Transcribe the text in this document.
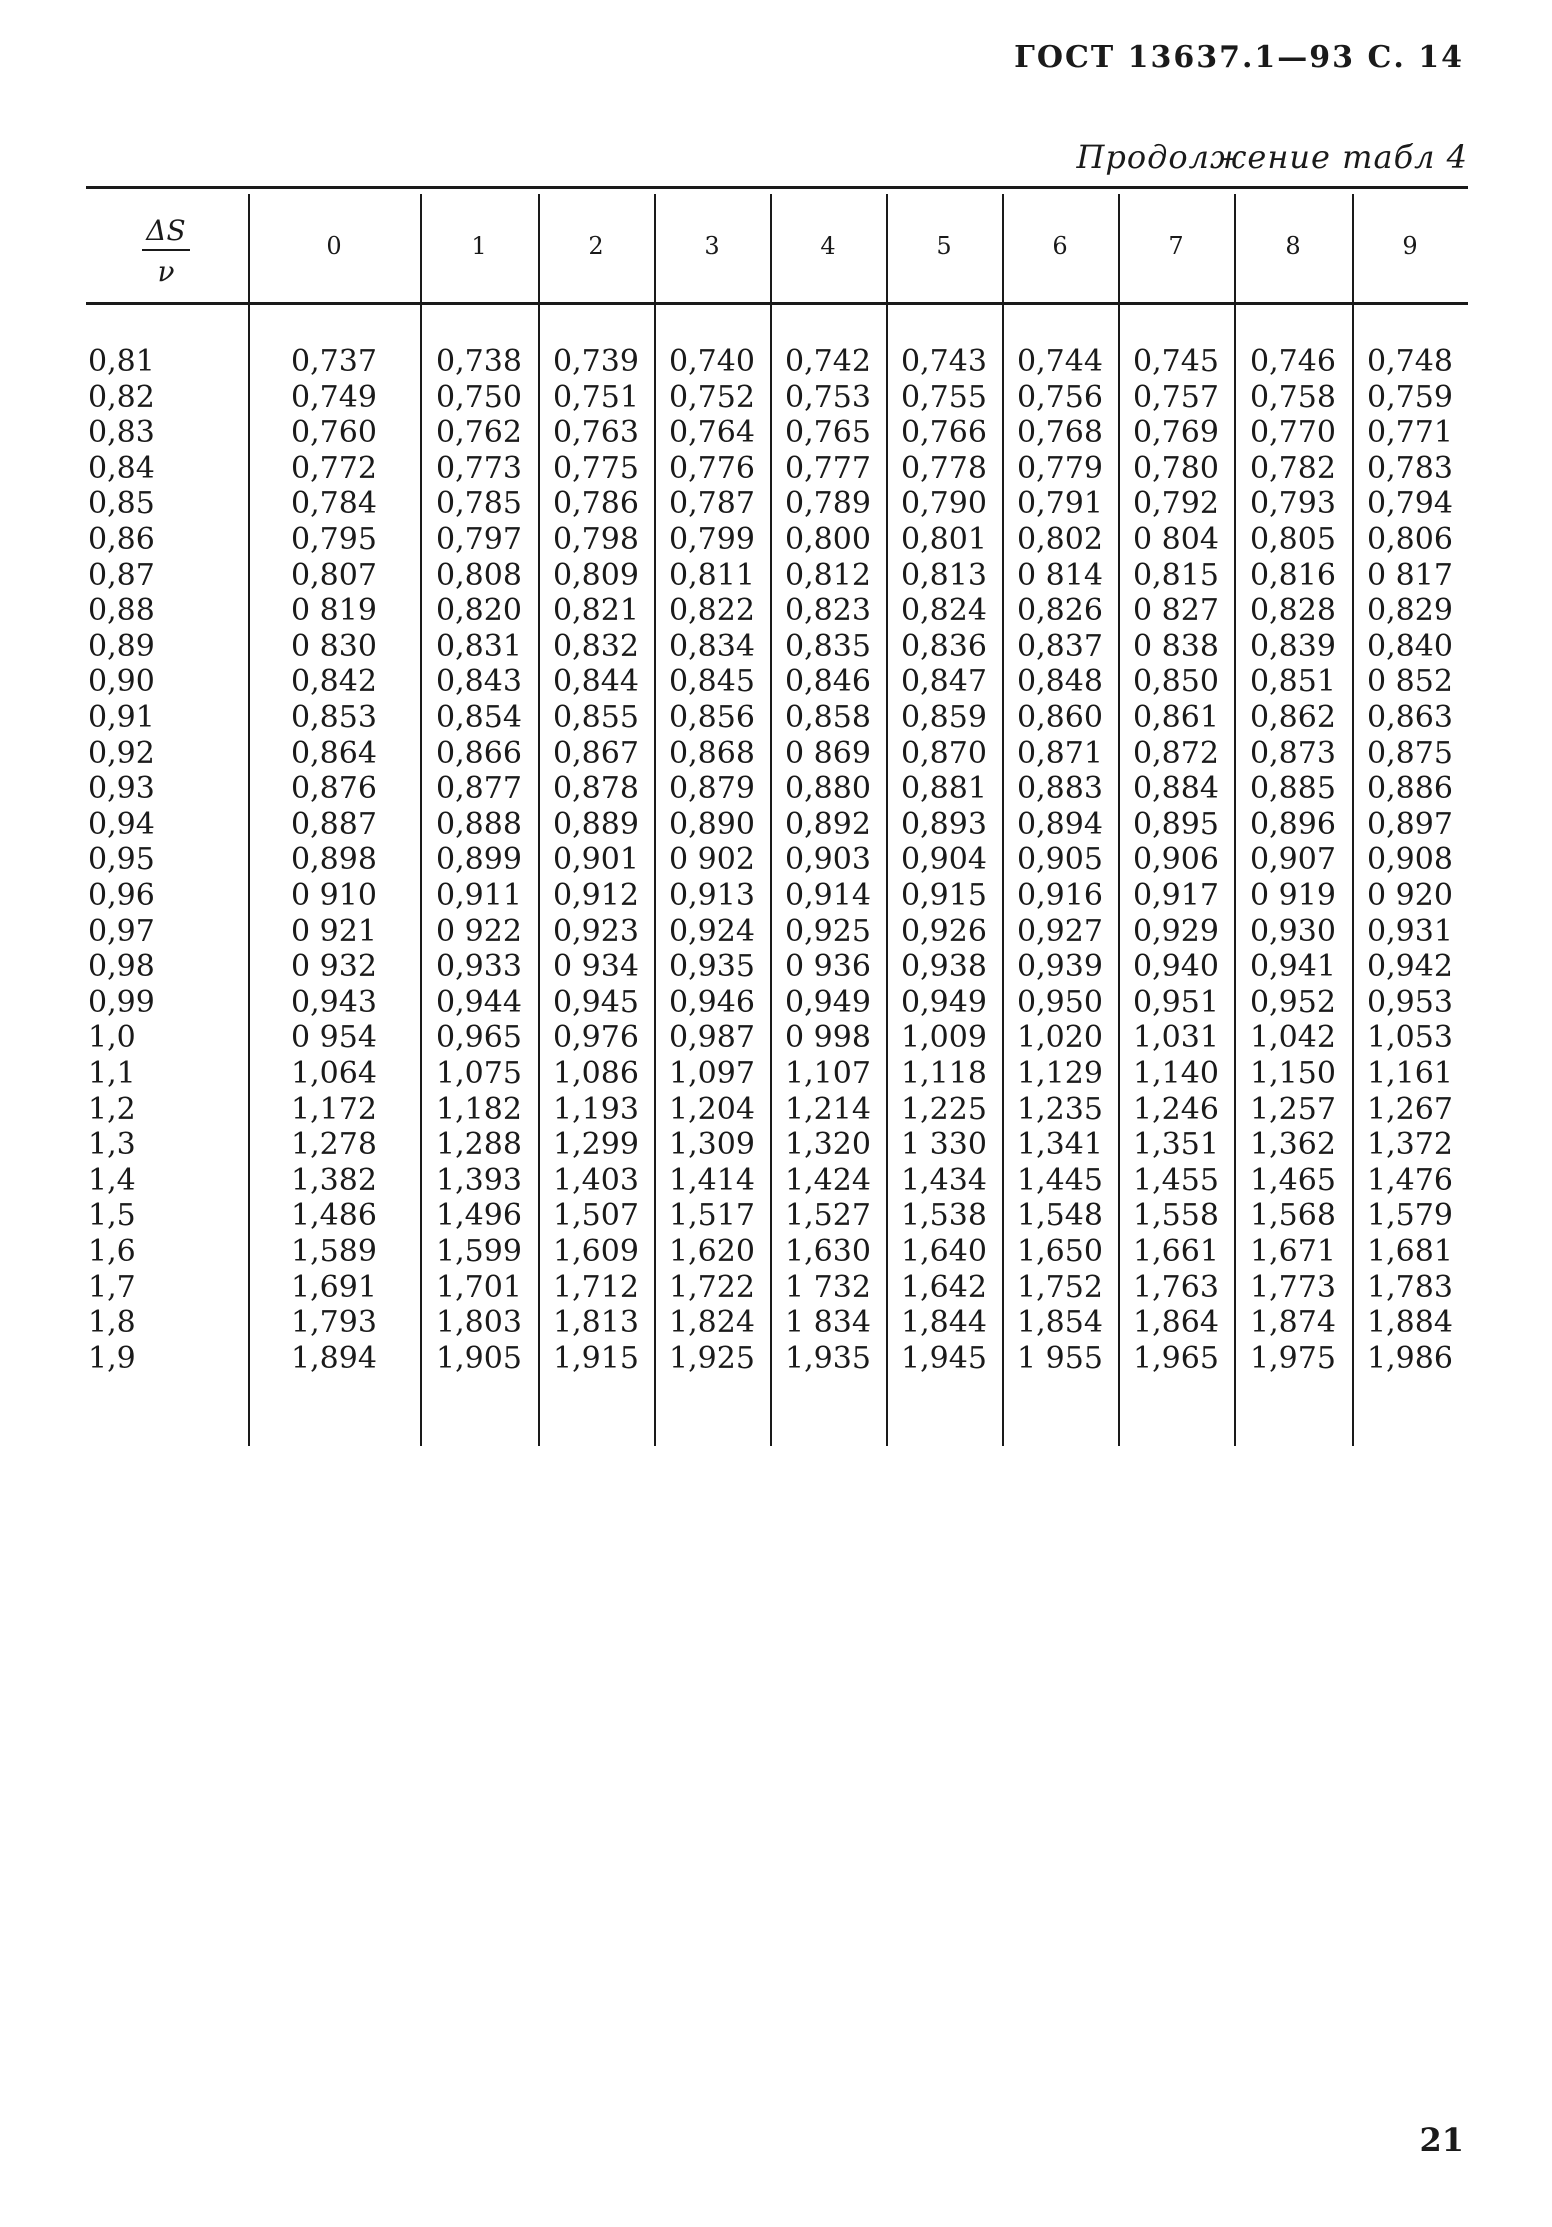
ГОСТ 13637.1—93 С. 14
Продолжение табл 4
$\frac{\Delta S}{\nu}$	0	1	2	3	4	5	6	7	8	9
0,81	0,737	0,738	0,739	0,740	0,742	0,743	0,744	0,745	0,746	0,748
0,82	0,749	0,750	0,751	0,752	0,753	0,755	0,756	0,757	0,758	0,759
0,83	0,760	0,762	0,763	0,764	0,765	0,766	0,768	0,769	0,770	0,771
0,84	0,772	0,773	0,775	0,776	0,777	0,778	0,779	0,780	0,782	0,783
0,85	0,784	0,785	0,786	0,787	0,789	0,790	0,791	0,792	0,793	0,794
0,86	0,795	0,797	0,798	0,799	0,800	0,801	0,802	0 804	0,805	0,806
0,87	0,807	0,808	0,809	0,811	0,812	0,813	0 814	0,815	0,816	0 817
0,88	0 819	0,820	0,821	0,822	0,823	0,824	0,826	0 827	0,828	0,829
0,89	0 830	0,831	0,832	0,834	0,835	0,836	0,837	0 838	0,839	0,840
0,90	0,842	0,843	0,844	0,845	0,846	0,847	0,848	0,850	0,851	0 852
0,91	0,853	0,854	0,855	0,856	0,858	0,859	0,860	0,861	0,862	0,863
0,92	0,864	0,866	0,867	0,868	0 869	0,870	0,871	0,872	0,873	0,875
0,93	0,876	0,877	0,878	0,879	0,880	0,881	0,883	0,884	0,885	0,886
0,94	0,887	0,888	0,889	0,890	0,892	0,893	0,894	0,895	0,896	0,897
0,95	0,898	0,899	0,901	0 902	0,903	0,904	0,905	0,906	0,907	0,908
0,96	0 910	0,911	0,912	0,913	0,914	0,915	0,916	0,917	0 919	0 920
0,97	0 921	0 922	0,923	0,924	0,925	0,926	0,927	0,929	0,930	0,931
0,98	0 932	0,933	0 934	0,935	0 936	0,938	0,939	0,940	0,941	0,942
0,99	0,943	0,944	0,945	0,946	0,949	0,949	0,950	0,951	0,952	0,953
1,0	0 954	0,965	0,976	0,987	0 998	1,009	1,020	1,031	1,042	1,053
1,1	1,064	1,075	1,086	1,097	1,107	1,118	1,129	1,140	1,150	1,161
1,2	1,172	1,182	1,193	1,204	1,214	1,225	1,235	1,246	1,257	1,267
1,3	1,278	1,288	1,299	1,309	1,320	1 330	1,341	1,351	1,362	1,372
1,4	1,382	1,393	1,403	1,414	1,424	1,434	1,445	1,455	1,465	1,476
1,5	1,486	1,496	1,507	1,517	1,527	1,538	1,548	1,558	1,568	1,579
1,6	1,589	1,599	1,609	1,620	1,630	1,640	1,650	1,661	1,671	1,681
1,7	1,691	1,701	1,712	1,722	1 732	1,642	1,752	1,763	1,773	1,783
1,8	1,793	1,803	1,813	1,824	1 834	1,844	1,854	1,864	1,874	1,884
1,9	1,894	1,905	1,915	1,925	1,935	1,945	1 955	1,965	1,975	1,986
21
